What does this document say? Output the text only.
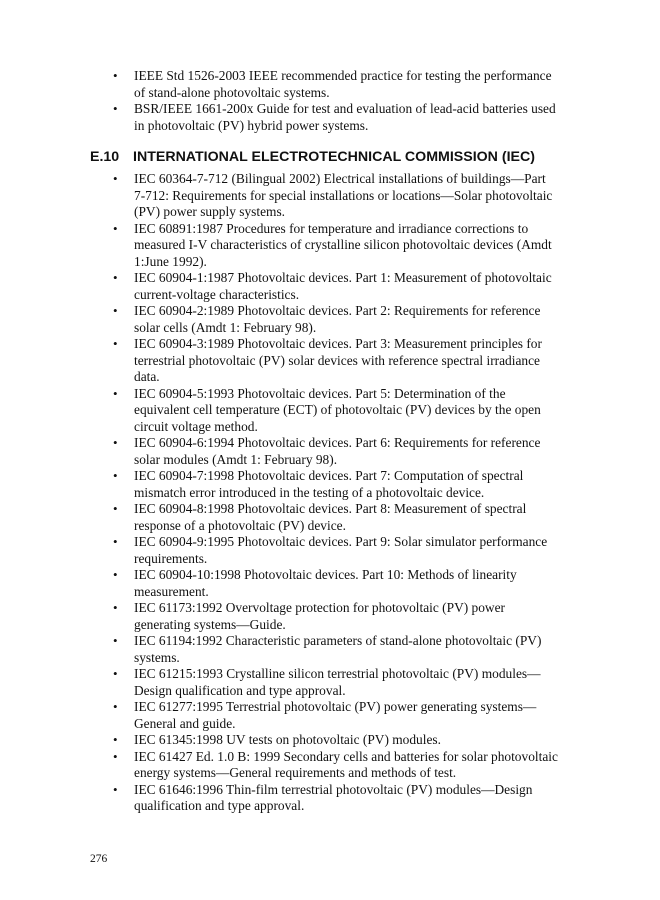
• IEEE Std 1526-2003 IEEE recommended practice for testing the performance of stand-alone photovoltaic systems.
• BSR/IEEE 1661-200x Guide for test and evaluation of lead-acid batteries used in photovoltaic (PV) hybrid power systems.
E.10 INTERNATIONAL ELECTROTECHNICAL COMMISSION (IEC)
• IEC 60364-7-712 (Bilingual 2002) Electrical installations of buildings—Part 7-712: Requirements for special installations or locations—Solar photovoltaic (PV) power supply systems.
• IEC 60891:1987 Procedures for temperature and irradiance corrections to measured I-V characteristics of crystalline silicon photovoltaic devices (Amdt 1:June 1992).
• IEC 60904-1:1987 Photovoltaic devices. Part 1: Measurement of photovoltaic current-voltage characteristics.
• IEC 60904-2:1989 Photovoltaic devices. Part 2: Requirements for reference solar cells (Amdt 1: February 98).
• IEC 60904-3:1989 Photovoltaic devices. Part 3: Measurement principles for terrestrial photovoltaic (PV) solar devices with reference spectral irradiance data.
• IEC 60904-5:1993 Photovoltaic devices. Part 5: Determination of the equivalent cell temperature (ECT) of photovoltaic (PV) devices by the open circuit voltage method.
• IEC 60904-6:1994 Photovoltaic devices. Part 6: Requirements for reference solar modules (Amdt 1: February 98).
• IEC 60904-7:1998 Photovoltaic devices. Part 7: Computation of spectral mismatch error introduced in the testing of a photovoltaic device.
• IEC 60904-8:1998 Photovoltaic devices. Part 8: Measurement of spectral response of a photovoltaic (PV) device.
• IEC 60904-9:1995 Photovoltaic devices. Part 9: Solar simulator performance requirements.
• IEC 60904-10:1998 Photovoltaic devices. Part 10: Methods of linearity measurement.
• IEC 61173:1992 Overvoltage protection for photovoltaic (PV) power generating systems—Guide.
• IEC 61194:1992 Characteristic parameters of stand-alone photovoltaic (PV) systems.
• IEC 61215:1993 Crystalline silicon terrestrial photovoltaic (PV) modules—Design qualification and type approval.
• IEC 61277:1995 Terrestrial photovoltaic (PV) power generating systems—General and guide.
• IEC 61345:1998 UV tests on photovoltaic (PV) modules.
• IEC 61427 Ed. 1.0 B: 1999 Secondary cells and batteries for solar photovoltaic energy systems—General requirements and methods of test.
• IEC 61646:1996 Thin-film terrestrial photovoltaic (PV) modules—Design qualification and type approval.
276
